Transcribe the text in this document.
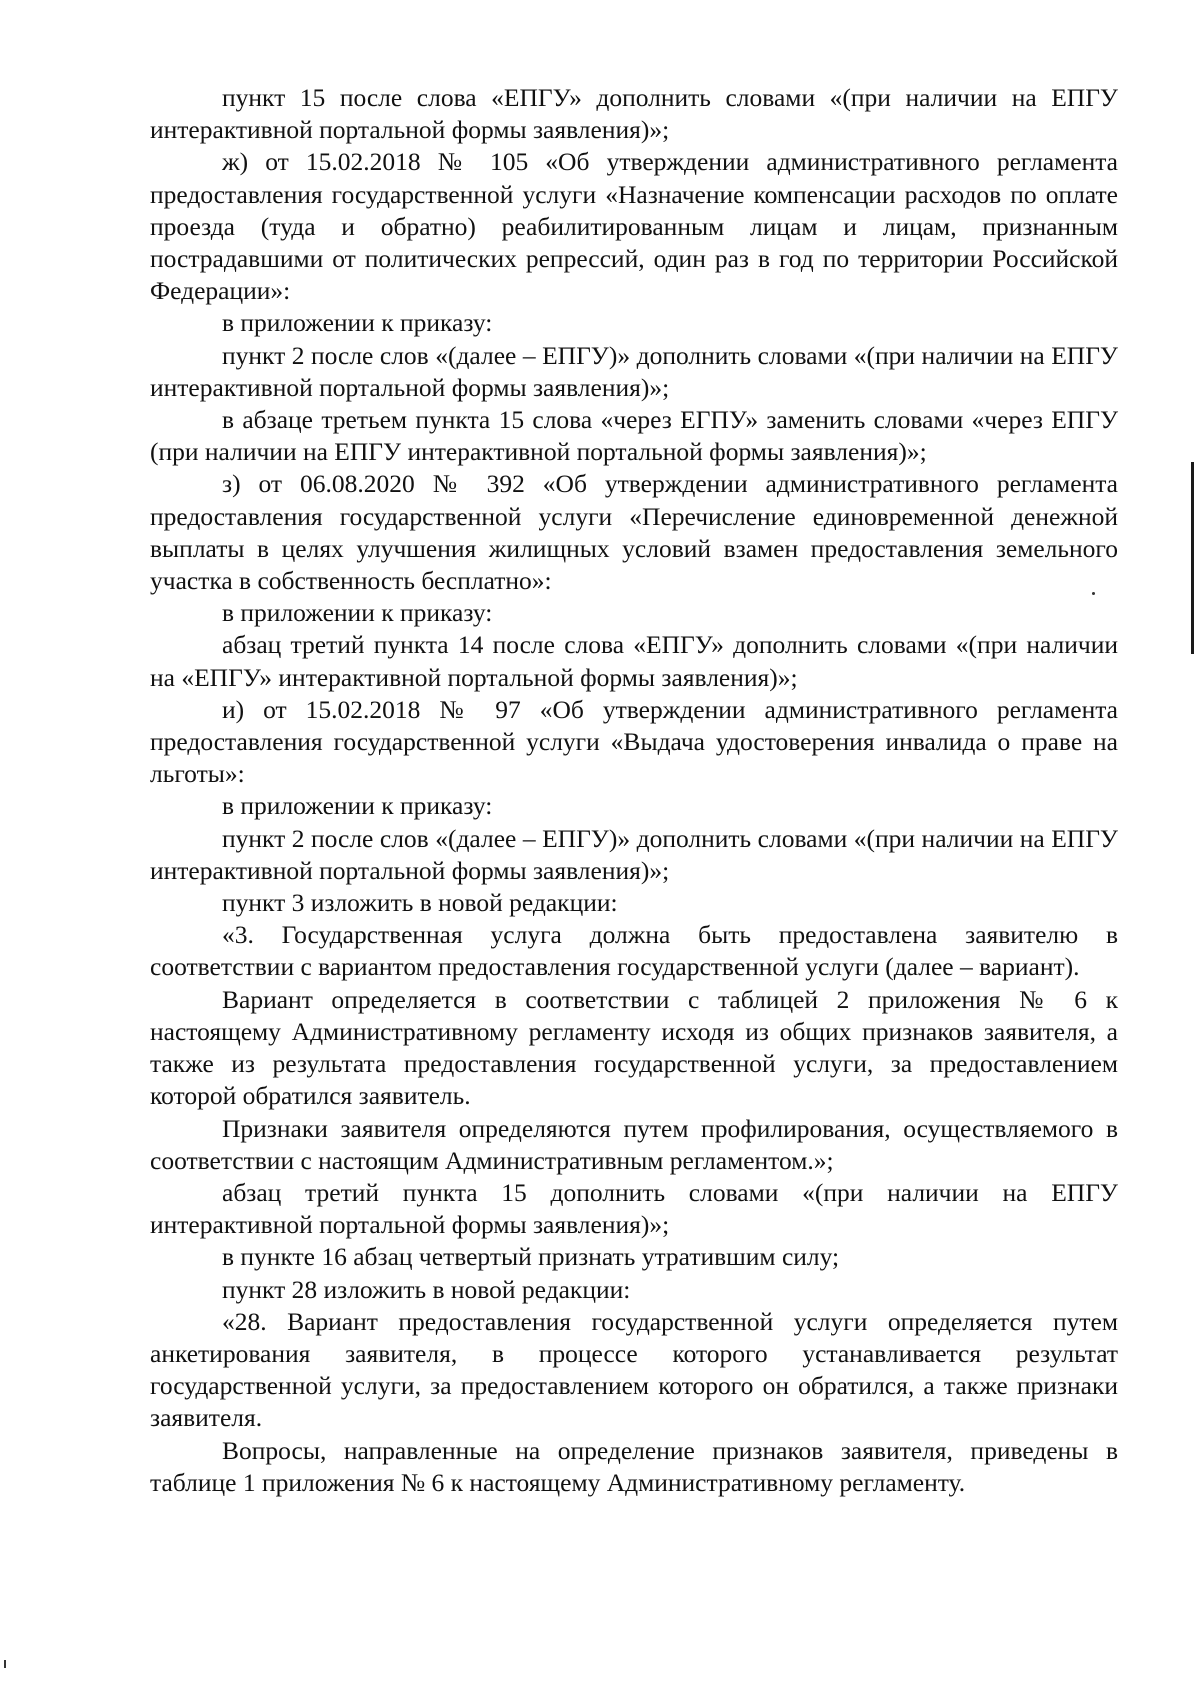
пункт 15 после слова «ЕПГУ» дополнить словами «(при наличии на ЕПГУ интерактивной портальной формы заявления)»;

ж) от 15.02.2018 № 105 «Об утверждении административного регламента предоставления государственной услуги «Назначение компенсации расходов по оплате проезда (туда и обратно) реабилитированным лицам и лицам, признанным пострадавшими от политических репрессий, один раз в год по территории Российской Федерации»:

в приложении к приказу:

пункт 2 после слов «(далее – ЕПГУ)» дополнить словами «(при наличии на ЕПГУ интерактивной портальной формы заявления)»;

в абзаце третьем пункта 15 слова «через ЕГПУ» заменить словами «через ЕПГУ (при наличии на ЕПГУ интерактивной портальной формы заявления)»;

з) от 06.08.2020 № 392 «Об утверждении административного регламента предоставления государственной услуги «Перечисление единовременной денежной выплаты в целях улучшения жилищных условий взамен предоставления земельного участка в собственность бесплатно»:

в приложении к приказу:

абзац третий пункта 14 после слова «ЕПГУ» дополнить словами «(при наличии на «ЕПГУ» интерактивной портальной формы заявления)»;

и) от 15.02.2018 № 97 «Об утверждении административного регламента предоставления государственной услуги «Выдача удостоверения инвалида о праве на льготы»:

в приложении к приказу:

пункт 2 после слов «(далее – ЕПГУ)» дополнить словами «(при наличии на ЕПГУ интерактивной портальной формы заявления)»;

пункт 3 изложить в новой редакции:

«3. Государственная услуга должна быть предоставлена заявителю в соответствии с вариантом предоставления государственной услуги (далее – вариант).

Вариант определяется в соответствии с таблицей 2 приложения № 6 к настоящему Административному регламенту исходя из общих признаков заявителя, а также из результата предоставления государственной услуги, за предоставлением которой обратился заявитель.

Признаки заявителя определяются путем профилирования, осуществляемого в соответствии с настоящим Административным регламентом.»;

абзац третий пункта 15 дополнить словами «(при наличии на ЕПГУ интерактивной портальной формы заявления)»;

в пункте 16 абзац четвертый признать утратившим силу;

пункт 28 изложить в новой редакции:

«28. Вариант предоставления государственной услуги определяется путем анкетирования заявителя, в процессе которого устанавливается результат государственной услуги, за предоставлением которого он обратился, а также признаки заявителя.

Вопросы, направленные на определение признаков заявителя, приведены в таблице 1 приложения № 6 к настоящему Административному регламенту.
